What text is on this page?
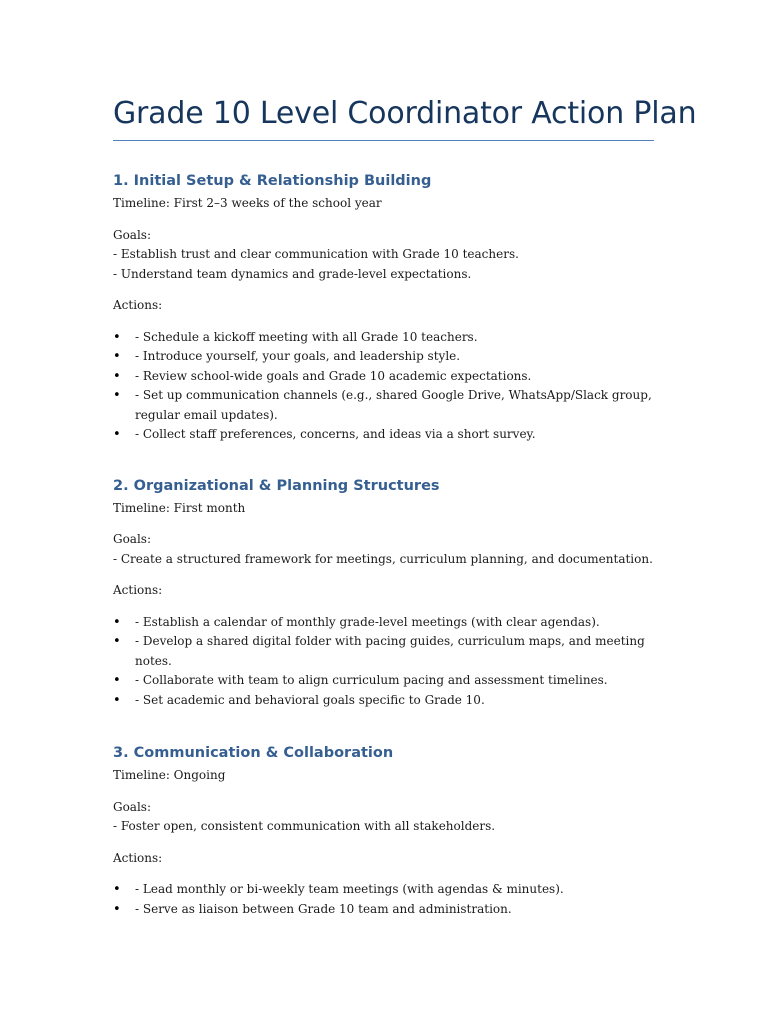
Grade 10 Level Coordinator Action Plan
1. Initial Setup & Relationship Building

Timeline: First 2–3 weeks of the school year

Goals:

- Establish trust and clear communication with Grade 10 teachers.

- Understand team dynamics and grade-level expectations.

Actions:

• - Schedule a kickoff meeting with all Grade 10 teachers.
• - Introduce yourself, your goals, and leadership style.
• - Review school-wide goals and Grade 10 academic expectations.
• - Set up communication channels (e.g., shared Google Drive, WhatsApp/Slack group, regular email updates).
• - Collect staff preferences, concerns, and ideas via a short survey.
2. Organizational & Planning Structures

Timeline: First month

Goals:

- Create a structured framework for meetings, curriculum planning, and documentation.

Actions:

• - Establish a calendar of monthly grade-level meetings (with clear agendas).
• - Develop a shared digital folder with pacing guides, curriculum maps, and meeting notes.
• - Collaborate with team to align curriculum pacing and assessment timelines.
• - Set academic and behavioral goals specific to Grade 10.
3. Communication & Collaboration

Timeline: Ongoing

Goals:

- Foster open, consistent communication with all stakeholders.

Actions:

• - Lead monthly or bi-weekly team meetings (with agendas & minutes).
• - Serve as liaison between Grade 10 team and administration.
